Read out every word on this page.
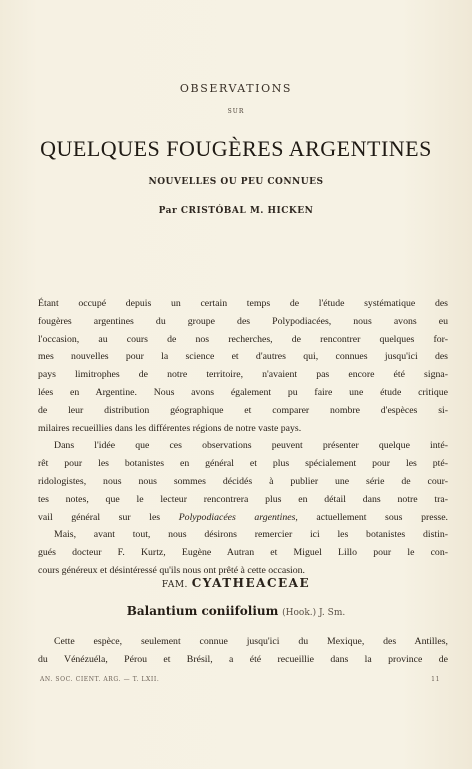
OBSERVATIONS
SUR
QUELQUES FOUGÈRES ARGENTINES
NOUVELLES OU PEU CONNUES
Par CRISTÓBAL M. HICKEN
Étant occupé depuis un certain temps de l'étude systématique des
fougères argentines du groupe des Polypodiacées, nous avons eu
l'occasion, au cours de nos recherches, de rencontrer quelques for-
mes nouvelles pour la science et d'autres qui, connues jusqu'ici des
pays limitrophes de notre territoire, n'avaient pas encore été signa-
lées en Argentine. Nous avons également pu faire une étude critique
de leur distribution géographique et comparer nombre d'espèces si-
milaires recueillies dans les différentes régions de notre vaste pays.
Dans l'idée que ces observations peuvent présenter quelque inté-
rêt pour les botanistes en général et plus spécialement pour les pté-
ridologistes, nous nous sommes décidés à publier une série de cour-
tes notes, que le lecteur rencontrera plus en détail dans notre tra-
vail général sur les Polypodiacées argentines, actuellement sous presse.
Mais, avant tout, nous désirons remercier ici les botanistes distin-
gués docteur F. Kurtz, Eugène Autran et Miguel Lillo pour le con-
cours généreux et désintéressé qu'ils nous ont prêté à cette occasion.
FAM. CYATHEACEAE
Balantium coniifolium (Hook.) J. Sm.
Cette espèce, seulement connue jusqu'ici du Mexique, des Antilles,
du Vénézuéla, Pérou et Brésil, a été recueillie dans la province de
AN. SOC. CIENT. ARG. — T. LXII.	11
